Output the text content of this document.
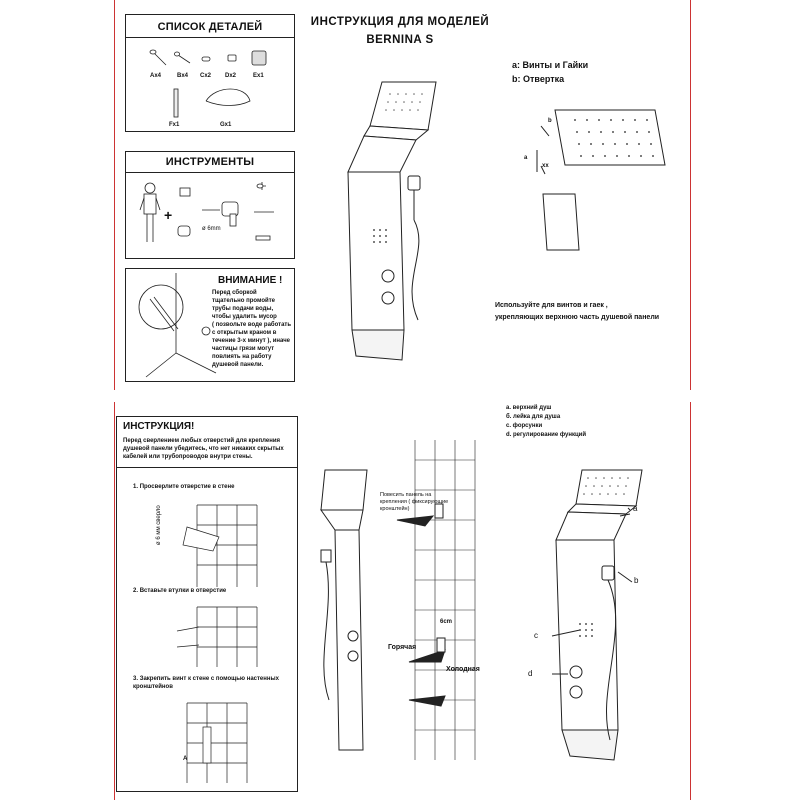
СПИСОК ДЕТАЛЕЙ
Ax4	Bx4 Cx2 Dx2	Ex1
Fx1	Gx1
ИНСТРУМЕНТЫ
+
ø 6mm
ВНИМАНИЕ !
Перед сборкой
тщательно промойте
трубы подачи воды,
чтобы удалить мусор
( позвольте воде работать
с открытым краном в
течение 3-х минут ), иначе
частицы грязи могут
повлиять на работу
душевой панели.
ИНСТРУКЦИЯ ДЛЯ МОДЕЛЕЙ
BERNINA S
a: Винты и Гайки
b: Отвертка
b
a
xx
Используйте для винтов и гаек ,
укрепляющих верхнюю часть душевой панели
ИНСТРУКЦИЯ!
Перед сверлением любых отверстий для крепления
душевой панели убедитесь, что нет никаких скрытых
кабелей или трубопроводов внутри стены.
1. Просверлите отверстие в стене
ø 6 мм сверло
2. Вставьте втулки в отверстие
3. Закрепить винт к стене с помощью настенных кронштейнов
A
Повесить панель на
крепления ( фиксирующие
кронштейн)
Горячая
Холодная
6cm
a. верхний душ
б. лейка для душа
c. форсунки
d. регулирование функций
a
b
c
d
